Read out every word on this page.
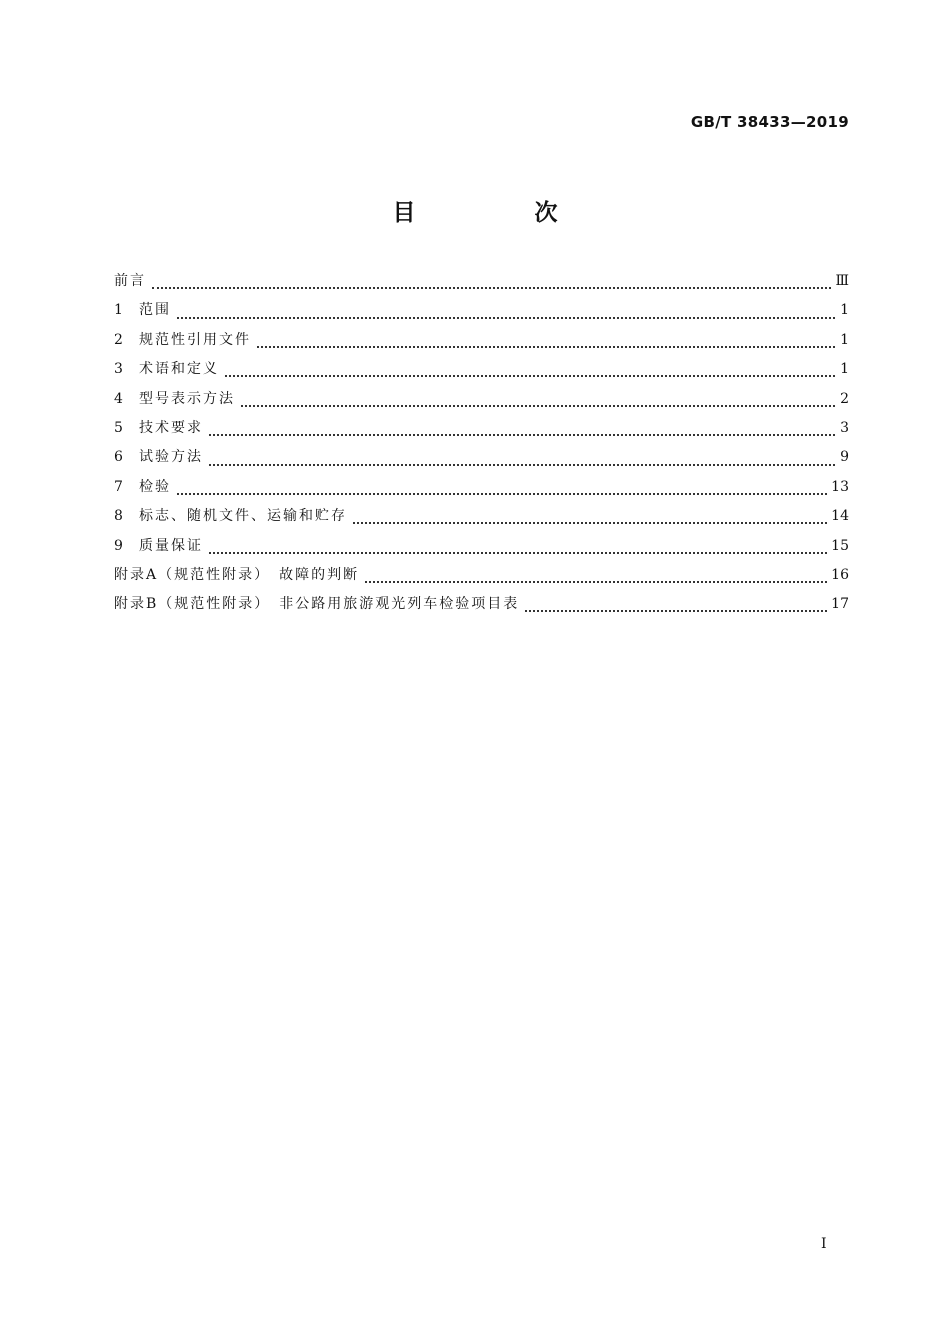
GB/T 38433—2019
目　次
前言	Ⅲ
1	范围	1
2	规范性引用文件	1
3	术语和定义	1
4	型号表示方法	2
5	技术要求	3
6	试验方法	9
7	检验	13
8	标志、随机文件、运输和贮存	14
9	质量保证	15
附录A（规范性附录）　故障的判断	16
附录B（规范性附录）　非公路用旅游观光列车检验项目表	17
I
